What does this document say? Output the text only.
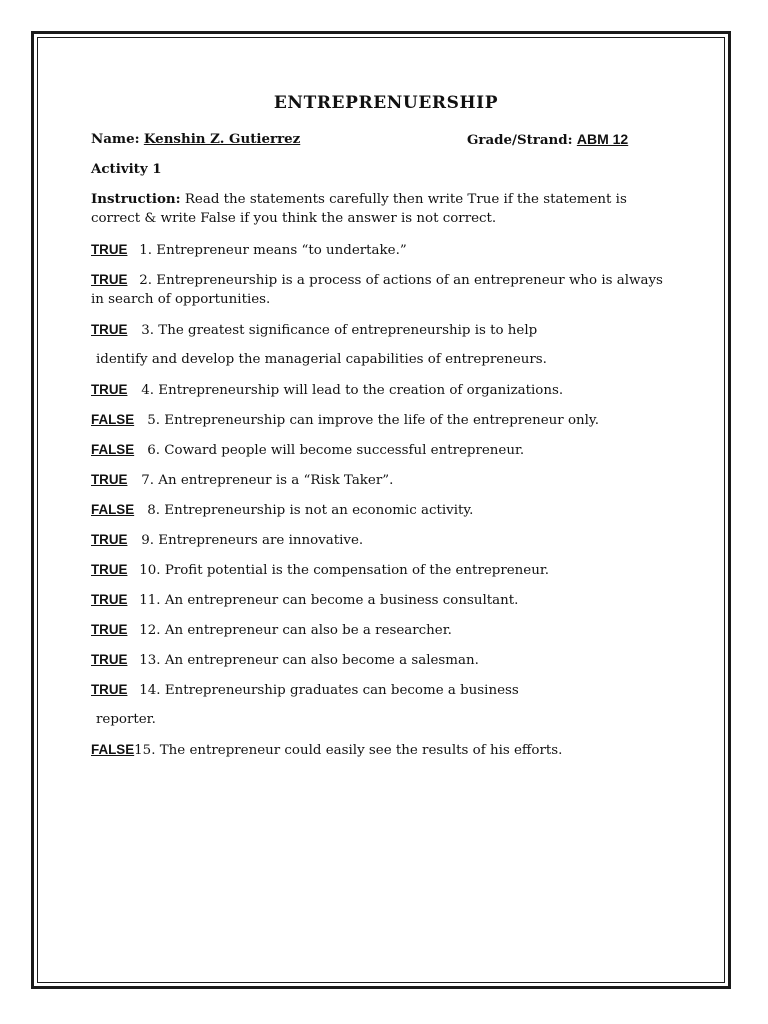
ENTREPRENUERSHIP
Name: Kenshin Z. Gutierrez	Grade/Strand: ABM 12
Activity 1
Instruction: Read the statements carefully then write True if the statement is correct & write False if you think the answer is not correct.
TRUE 1. Entrepreneur means “to undertake.”
TRUE 2. Entrepreneurship is a process of actions of an entrepreneur who is always in search of opportunities.
TRUE 3. The greatest significance of entrepreneurship is to help
identify and develop the managerial capabilities of entrepreneurs.
TRUE 4. Entrepreneurship will lead to the creation of organizations.
FALSE 5. Entrepreneurship can improve the life of the entrepreneur only.
FALSE 6. Coward people will become successful entrepreneur.
TRUE 7. An entrepreneur is a “Risk Taker”.
FALSE 8. Entrepreneurship is not an economic activity.
TRUE 9. Entrepreneurs are innovative.
TRUE 10. Profit potential is the compensation of the entrepreneur.
TRUE 11. An entrepreneur can become a business consultant.
TRUE 12. An entrepreneur can also be a researcher.
TRUE 13. An entrepreneur can also become a salesman.
TRUE 14. Entrepreneurship graduates can become a business
reporter.
FALSE15. The entrepreneur could easily see the results of his efforts.
